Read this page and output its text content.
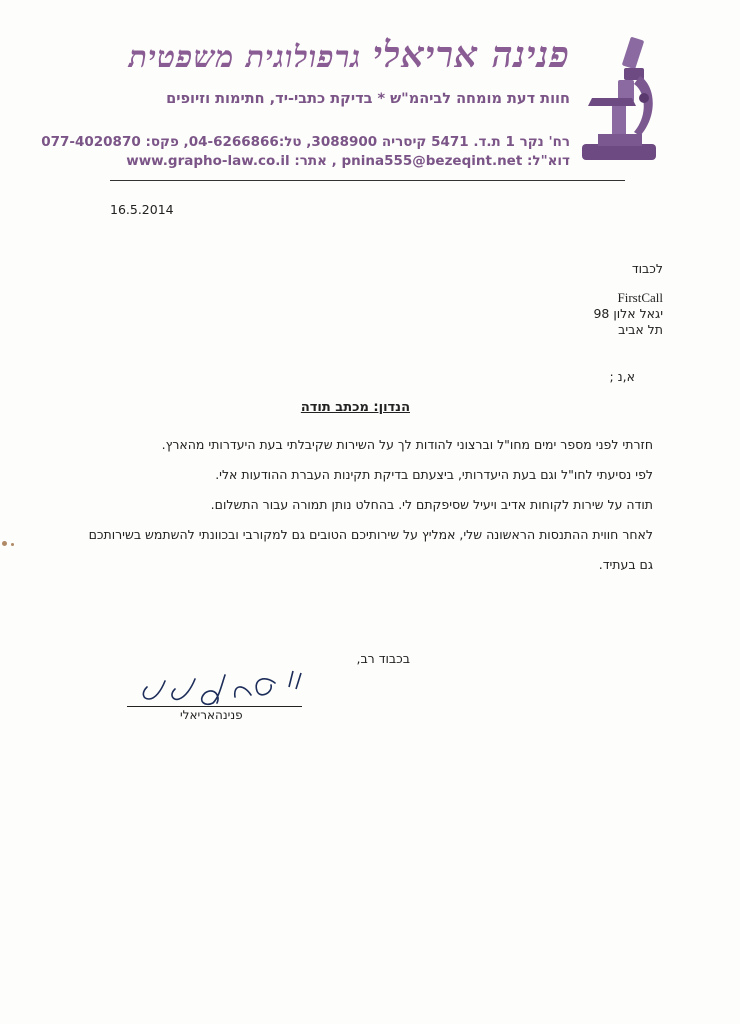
פנינה אריאלי גרפולוגית משפטית
חוות דעת מומחה לביהמ"ש * בדיקת כתבי-יד, חתימות וזיופים
רח' נקר 1 ת.ד. 5471 קיסריה 3088900, טל:04-6266866, פקס: 077-4020870
דוא"ל: pnina555@bezeqint.net , אתר: www.grapho-law.co.il
16.5.2014
לכבוד
FirstCall
יגאל אלון 98
תל אביב
א,נ ;
הנדון: מכתב תודה
חזרתי לפני מספר ימים מחו"ל וברצוני להודות לך על השירות שקיבלתי בעת היעדרותי מהארץ.
לפי נסיעתי לחו"ל וגם בעת היעדרותי, ביצעתם בדיקת תקינות העברת ההודעות אלי.
תודה על שירות לקוחות אדיב ויעיל שסיפקתם לי. בהחלט נותן תמורה עבור התשלום.
לאחר חווית ההתנסות הראשונה שלי, אמליץ על שירותיכם הטובים גם למקורבי ובכוונתי להשתמש בשירותכם
גם בעתיד.
בכבוד רב,
פנינהאריאלי
